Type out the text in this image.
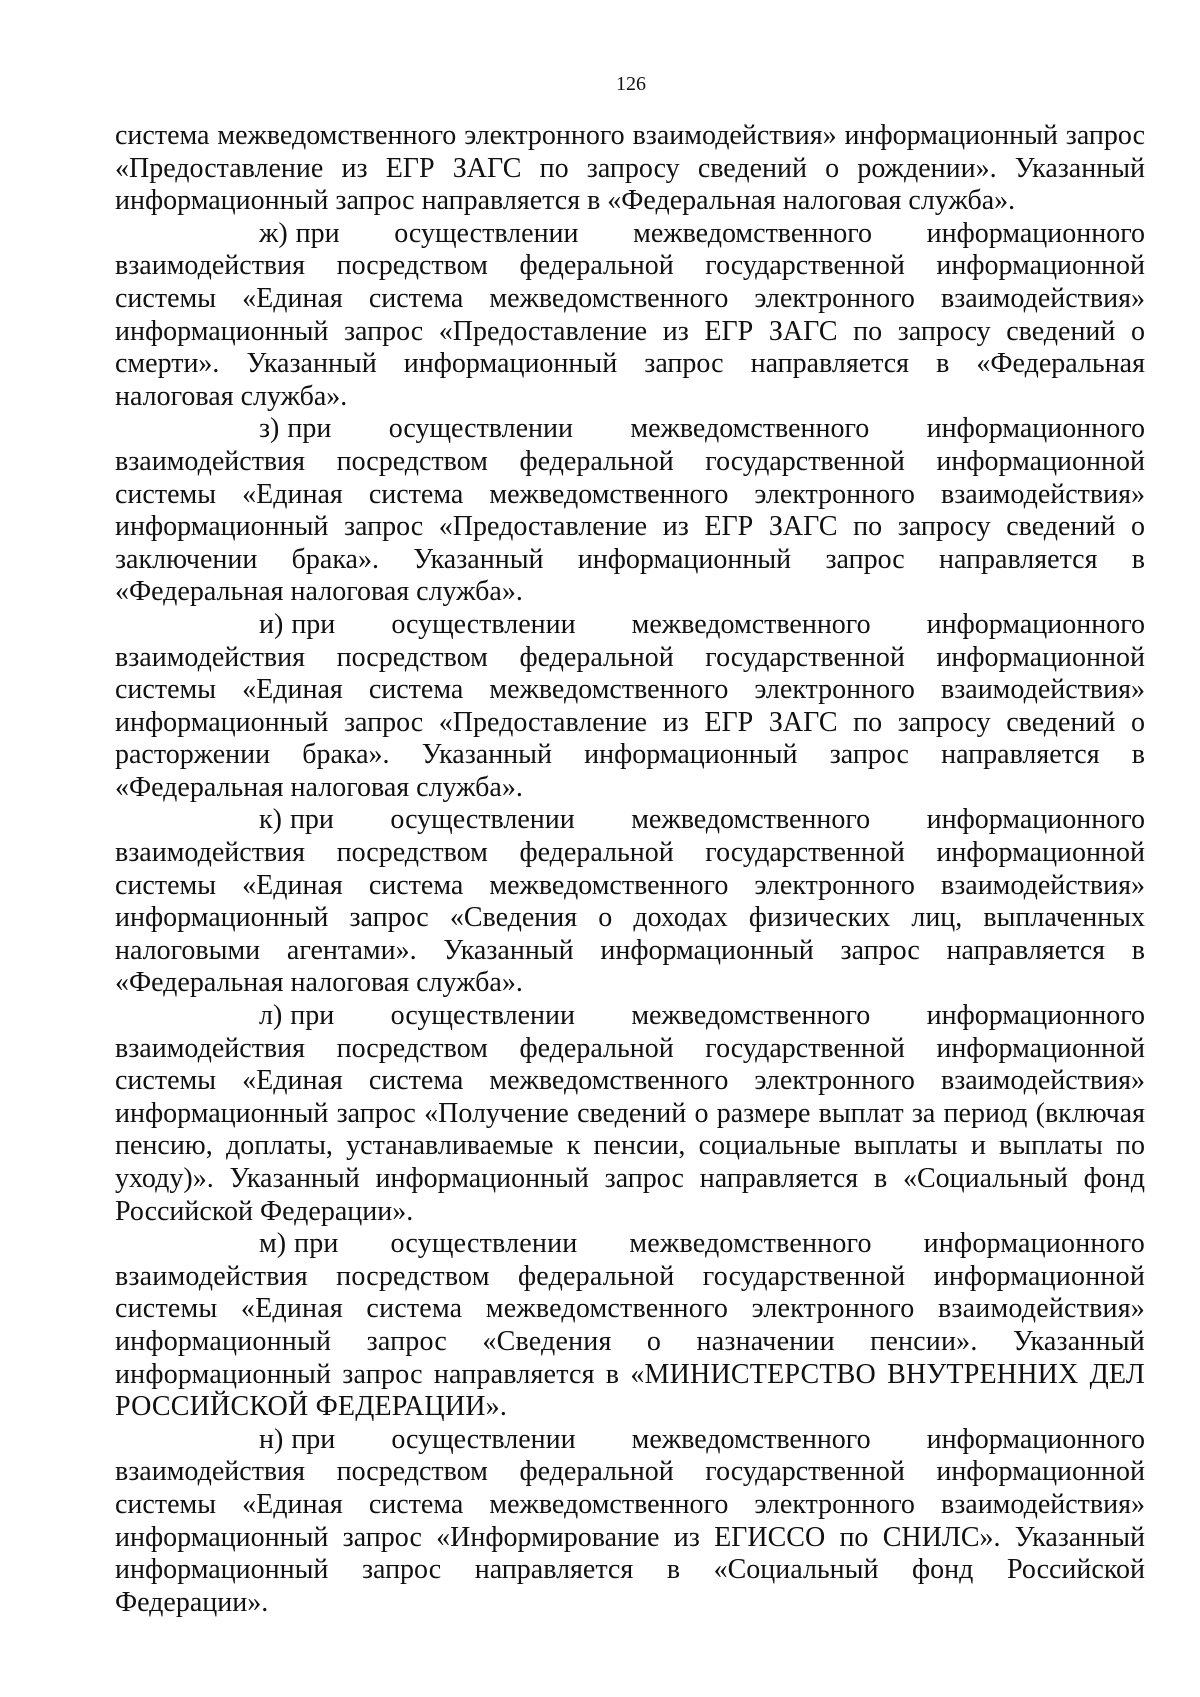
126

система межведомственного электронного взаимодействия» информационный запрос «Предоставление из ЕГР ЗАГС по запросу сведений о рождении». Указанный информационный запрос направляется в «Федеральная налоговая служба».

ж) при осуществлении межведомственного информационного взаимодействия посредством федеральной государственной информационной системы «Единая система межведомственного электронного взаимодействия» информационный запрос «Предоставление из ЕГР ЗАГС по запросу сведений о смерти». Указанный информационный запрос направляется в «Федеральная налоговая служба».

з) при осуществлении межведомственного информационного взаимодействия посредством федеральной государственной информационной системы «Единая система межведомственного электронного взаимодействия» информационный запрос «Предоставление из ЕГР ЗАГС по запросу сведений о заключении брака». Указанный информационный запрос направляется в «Федеральная налоговая служба».

и) при осуществлении межведомственного информационного взаимодействия посредством федеральной государственной информационной системы «Единая система межведомственного электронного взаимодействия» информационный запрос «Предоставление из ЕГР ЗАГС по запросу сведений о расторжении брака». Указанный информационный запрос направляется в «Федеральная налоговая служба».

к) при осуществлении межведомственного информационного взаимодействия посредством федеральной государственной информационной системы «Единая система межведомственного электронного взаимодействия» информационный запрос «Сведения о доходах физических лиц, выплаченных налоговыми агентами». Указанный информационный запрос направляется в «Федеральная налоговая служба».

л) при осуществлении межведомственного информационного взаимодействия посредством федеральной государственной информационной системы «Единая система межведомственного электронного взаимодействия» информационный запрос «Получение сведений о размере выплат за период (включая пенсию, доплаты, устанавливаемые к пенсии, социальные выплаты и выплаты по уходу)». Указанный информационный запрос направляется в «Социальный фонд Российской Федерации».

м) при осуществлении межведомственного информационного взаимодействия посредством федеральной государственной информационной системы «Единая система межведомственного электронного взаимодействия» информационный запрос «Сведения о назначении пенсии». Указанный информационный запрос направляется в «МИНИСТЕРСТВО ВНУТРЕННИХ ДЕЛ РОССИЙСКОЙ ФЕДЕРАЦИИ».

н) при осуществлении межведомственного информационного взаимодействия посредством федеральной государственной информационной системы «Единая система межведомственного электронного взаимодействия» информационный запрос «Информирование из ЕГИССО по СНИЛС». Указанный информационный запрос направляется в «Социальный фонд Российской Федерации».
